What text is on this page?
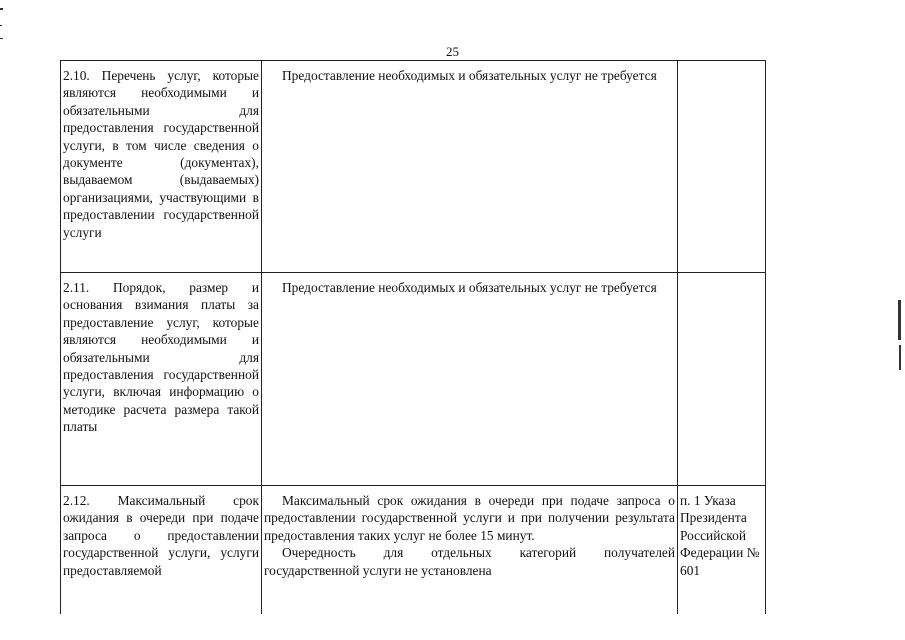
25
2.10. Перечень услуг, которые являются необходимыми и обязательными для предоставления государственной услуги, в том числе сведения о документе (документах), выдаваемом (выдаваемых) организациями, участвующими в предоставлении государственной услуги	Предоставление необходимых и обязательных услуг не требуется	

2.11. Порядок, размер и основания взимания платы за предоставление услуг, которые являются необходимыми и обязательными для предоставления государственной услуги, включая информацию о методике расчета размера такой платы	Предоставление необходимых и обязательных услуг не требуется	

2.12. Максимальный срок ожидания в очереди при подаче запроса о предоставлении государственной услуги, услуги предоставляемой	Максимальный срок ожидания в очереди при подаче запроса о предоставлении государственной услуги и при получении результата предоставления таких услуг не более 15 минут.
Очередность для отдельных категорий получателей государственной услуги не установлена	п. 1 Указа Президента Российской Федерации № 601
